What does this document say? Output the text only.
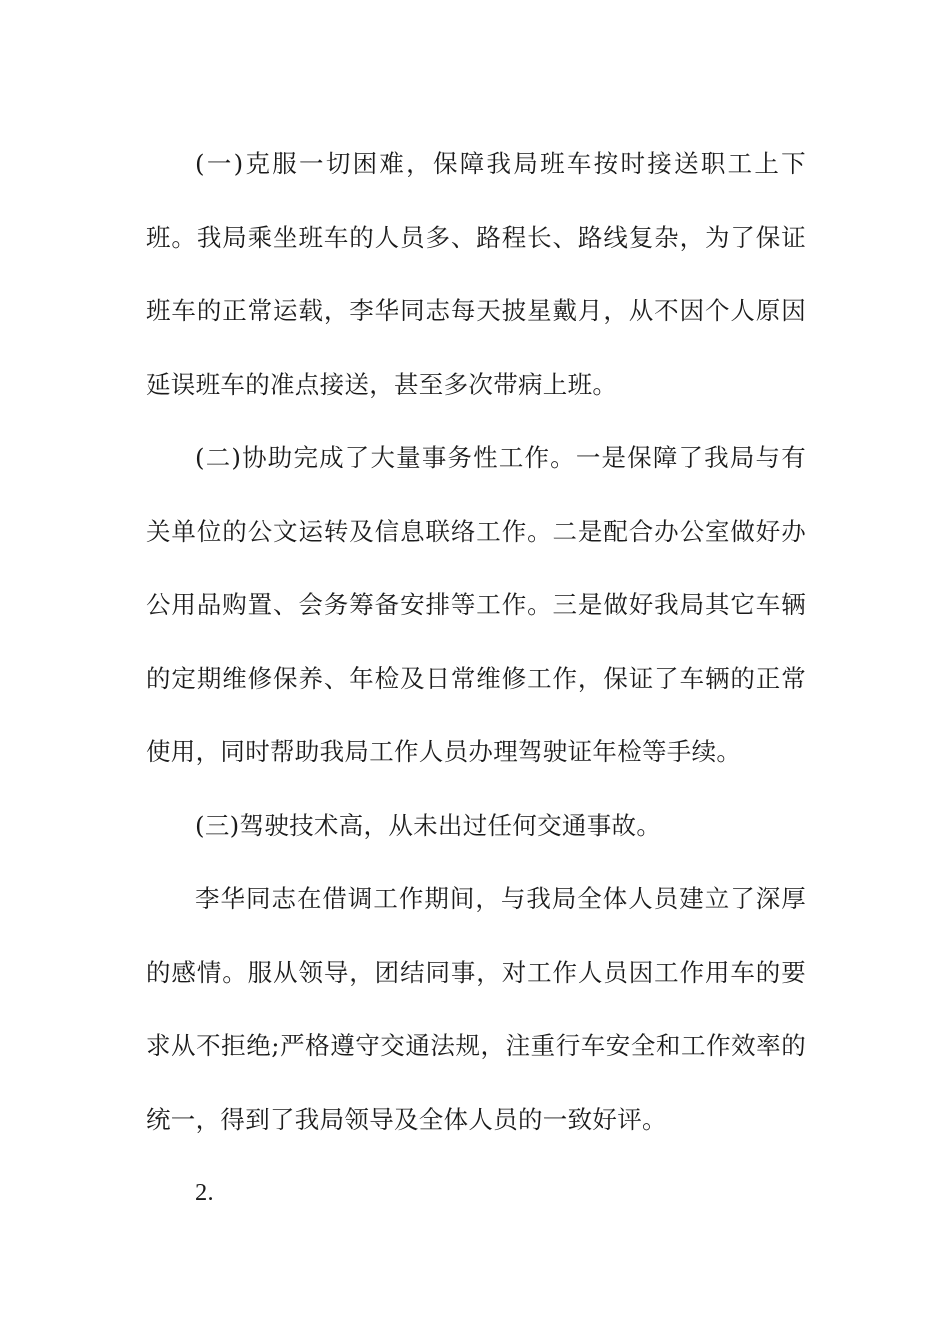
(一)克服一切困难，保障我局班车按时接送职工上下班。我局乘坐班车的人员多、路程长、路线复杂，为了保证班车的正常运载，李华同志每天披星戴月，从不因个人原因延误班车的准点接送，甚至多次带病上班。

(二)协助完成了大量事务性工作。一是保障了我局与有关单位的公文运转及信息联络工作。二是配合办公室做好办公用品购置、会务筹备安排等工作。三是做好我局其它车辆的定期维修保养、年检及日常维修工作，保证了车辆的正常使用，同时帮助我局工作人员办理驾驶证年检等手续。

(三)驾驶技术高，从未出过任何交通事故。

李华同志在借调工作期间，与我局全体人员建立了深厚的感情。服从领导，团结同事，对工作人员因工作用车的要求从不拒绝;严格遵守交通法规，注重行车安全和工作效率的统一，得到了我局领导及全体人员的一致好评。

2.
